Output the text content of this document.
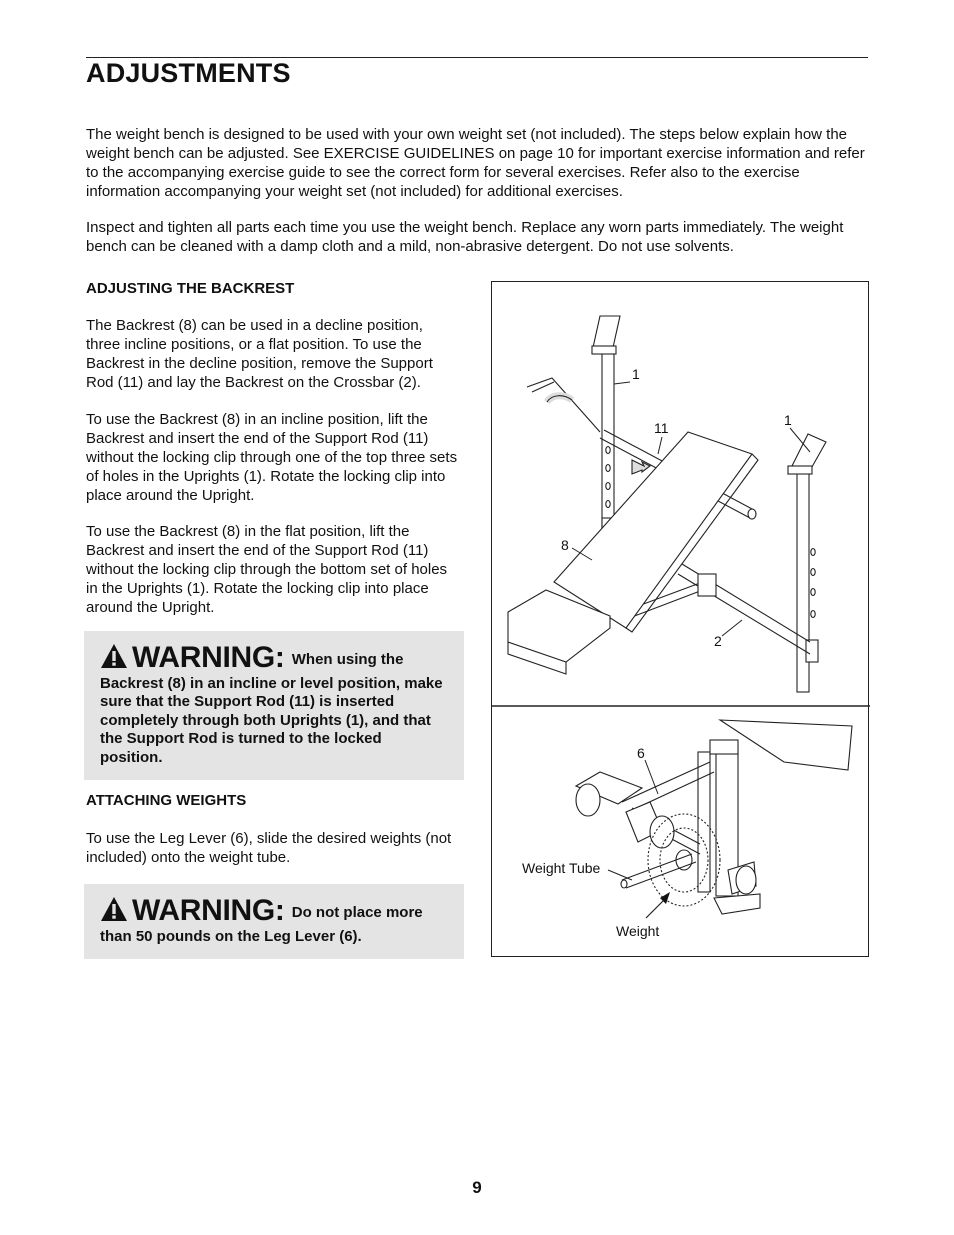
ADJUSTMENTS

The weight bench is designed to be used with your own weight set (not included). The steps below explain how the weight bench can be adjusted. See EXERCISE GUIDELINES on page 10 for important exercise information and refer to the accompanying exercise guide to see the correct form for several exercises. Refer also to the exercise information accompanying your weight set (not included) for additional exercises.

Inspect and tighten all parts each time you use the weight bench. Replace any worn parts immediately. The weight bench can be cleaned with a damp cloth and a mild, non-abrasive detergent. Do not use solvents.

ADJUSTING THE BACKREST

The Backrest (8) can be used in a decline position, three incline positions, or a flat position. To use the Backrest in the decline position, remove the Support Rod (11) and lay the Backrest on the Crossbar (2).

To use the Backrest (8) in an incline position, lift the Backrest and insert the end of the Support Rod (11) without the locking clip through one of the top three sets of holes in the Uprights (1). Rotate the locking clip into place around the Upright.

To use the Backrest (8) in the flat position, lift the Backrest and insert the end of the Support Rod (11) without the locking clip through the bottom set of holes in the Uprights (1). Rotate the locking clip into place around the Upright.

WARNING: When using the Backrest (8) in an incline or level position, make sure that the Support Rod (11) is inserted completely through both Uprights (1), and that the Support Rod is turned to the locked position.

ATTACHING WEIGHTS

To use the Leg Lever (6), slide the desired weights (not included) onto the weight tube.

WARNING: Do not place more than 50 pounds on the Leg Lever (6).

1
1
11
8
2
6
Weight Tube
Weight

9
